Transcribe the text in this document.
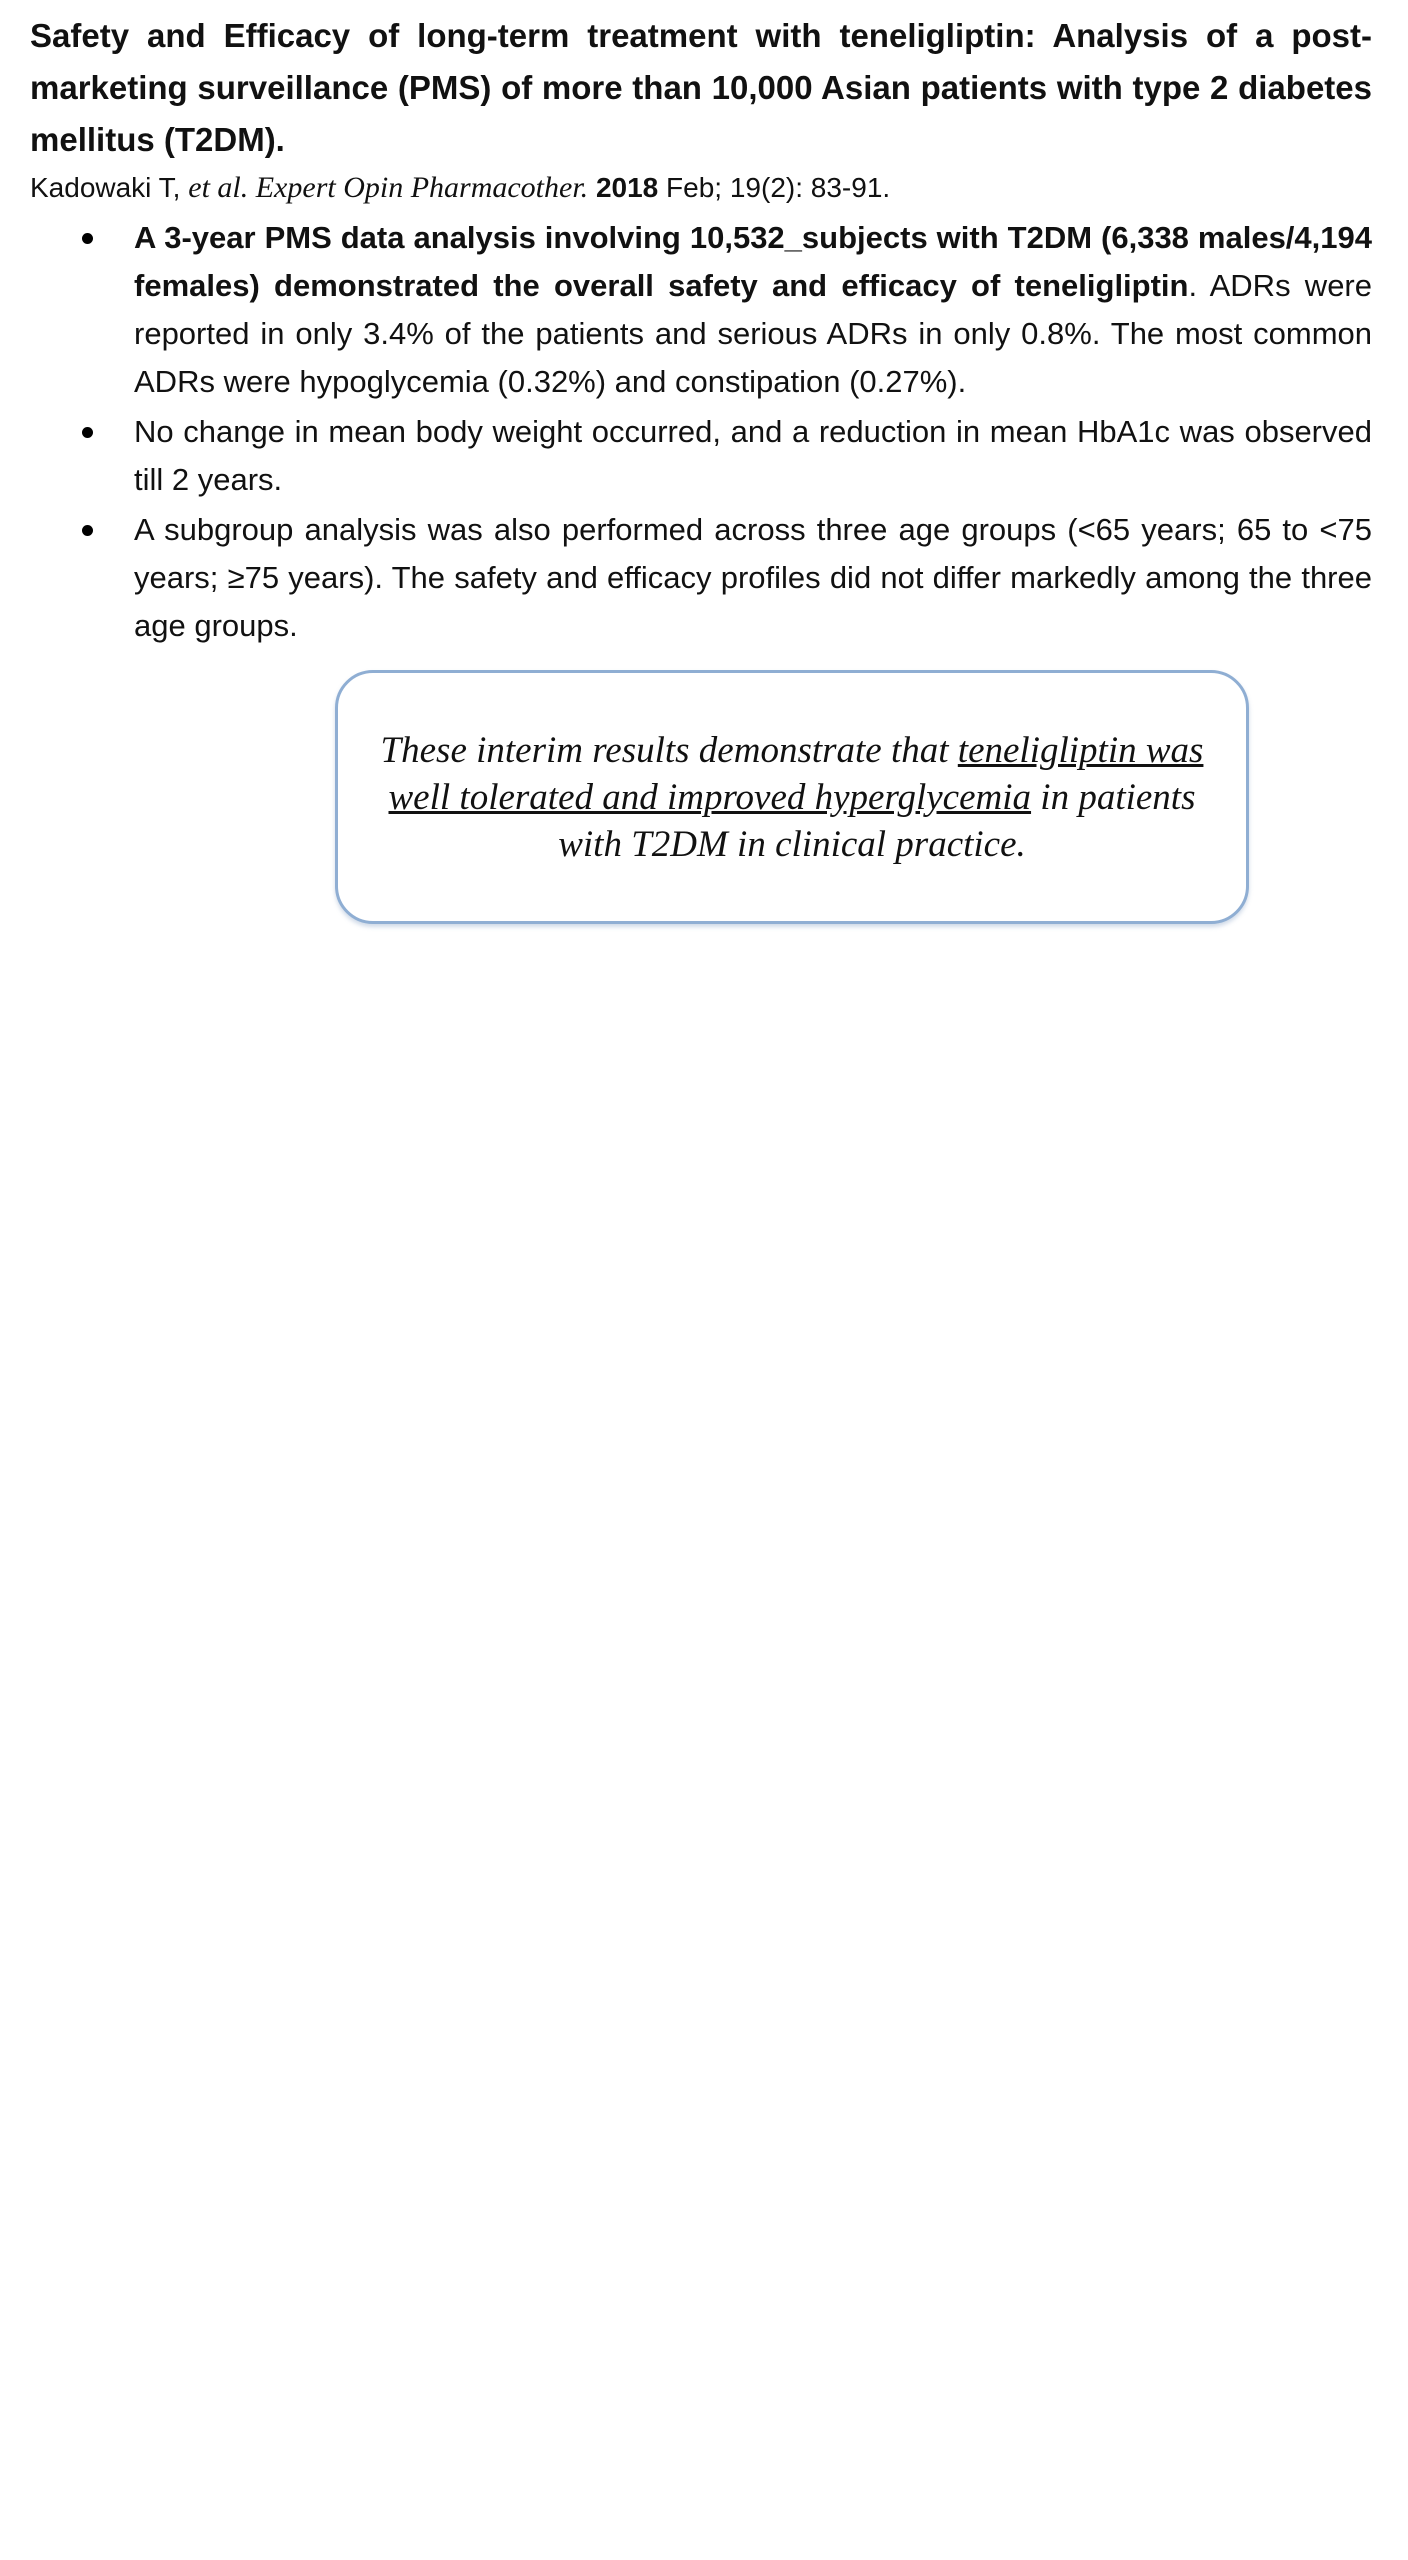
Safety and Efficacy of long-term treatment with teneligliptin: Analysis of a post-marketing surveillance (PMS) of more than 10,000 Asian patients with type 2 diabetes mellitus (T2DM).

Kadowaki T, et al. Expert Opin Pharmacother. 2018 Feb; 19(2): 83-91.

A 3-year PMS data analysis involving 10,532_subjects with T2DM (6,338 males/4,194 females) demonstrated the overall safety and efficacy of teneligliptin. ADRs were reported in only 3.4% of the patients and serious ADRs in only 0.8%. The most common ADRs were hypoglycemia (0.32%) and constipation (0.27%).
No change in mean body weight occurred, and a reduction in mean HbA1c was observed till 2 years.
A subgroup analysis was also performed across three age groups (<65 years; 65 to <75 years; ≥75 years). The safety and efficacy profiles did not differ markedly among the three age groups.

These interim results demonstrate that teneligliptin was well tolerated and improved hyperglycemia in patients with T2DM in clinical practice.
